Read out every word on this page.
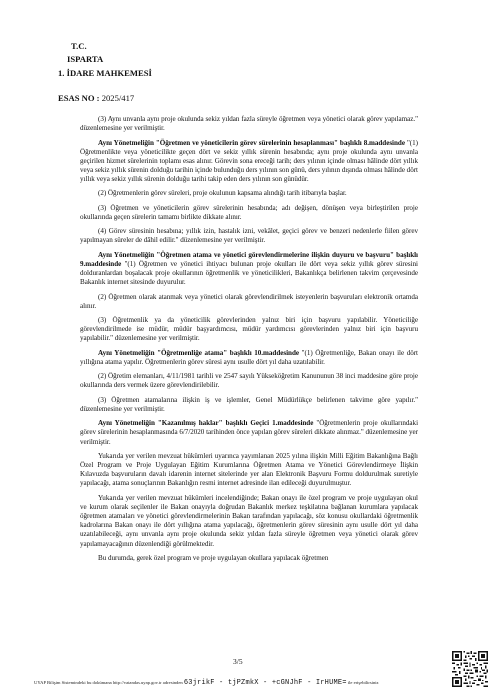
T.C.
ISPARTA
1. İDARE MAHKEMESİ
ESAS NO : 2025/417

(3) Aynı unvanla aynı proje okulunda sekiz yıldan fazla süreyle öğretmen veya yönetici olarak görev yapılamaz." düzenlemesine yer verilmiştir.

Aynı Yönetmeliğin "Öğretmen ve yöneticilerin görev sürelerinin hesaplanması" başlıklı 8.maddesinde "(1) Öğretmenlikte veya yöneticilikte geçen dört ve sekiz yıllık sürenin hesabında; aynı proje okulunda aynı unvanla geçirilen hizmet sürelerinin toplamı esas alınır. Görevin sona ereceği tarih; ders yılının içinde olması hâlinde dört yıllık veya sekiz yıllık sürenin dolduğu tarihin içinde bulunduğu ders yılının son günü, ders yılının dışında olması hâlinde dört yıllık veya sekiz yıllık sürenin dolduğu tarihi takip eden ders yılının son günüdür.

(2) Öğretmenlerin görev süreleri, proje okulunun kapsama alındığı tarih itibarıyla başlar.

(3) Öğretmen ve yöneticilerin görev sürelerinin hesabında; adı değişen, dönüşen veya birleştirilen proje okullarında geçen sürelerin tamamı birlikte dikkate alınır.

(4) Görev süresinin hesabına; yıllık izin, hastalık izni, vekâlet, geçici görev ve benzeri nedenlerle fiilen görev yapılmayan süreler de dâhil edilir." düzenlemesine yer verilmiştir.

Aynı Yönetmeliğin "Öğretmen atama ve yönetici görevlendirmelerine ilişkin duyuru ve başvuru" başlıklı 9.maddesinde "(1) Öğretmen ve yönetici ihtiyacı bulunan proje okulları ile dört veya sekiz yıllık görev süresini dolduranlardan boşalacak proje okullarının öğretmenlik ve yöneticilikleri, Bakanlıkça belirlenen takvim çerçevesinde Bakanlık internet sitesinde duyurulur.

(2) Öğretmen olarak atanmak veya yönetici olarak görevlendirilmek isteyenlerin başvuruları elektronik ortamda alınır.

(3) Öğretmenlik ya da yöneticilik görevlerinden yalnız biri için başvuru yapılabilir. Yöneticiliğe görevlendirilmede ise müdür, müdür başyardımcısı, müdür yardımcısı görevlerinden yalnız biri için başvuru yapılabilir." düzenlemesine yer verilmiştir.

Aynı Yönetmeliğin "Öğretmenliğe atama" başlıklı 10.maddesinde "(1) Öğretmenliğe, Bakan onayı ile dört yıllığına atama yapılır. Öğretmenlerin görev süresi aynı usulle dört yıl daha uzatılabilir.

(2) Öğretim elemanları, 4/11/1981 tarihli ve 2547 sayılı Yükseköğretim Kanununun 38 inci maddesine göre proje okullarında ders vermek üzere görevlendirilebilir.

(3) Öğretmen atamalarına ilişkin iş ve işlemler, Genel Müdürlükçe belirlenen takvime göre yapılır." düzenlemesine yer verilmiştir.

Aynı Yönetmeliğin "Kazanılmış haklar" başlıklı Geçici 1.maddesinde "Öğretmenlerin proje okullarındaki görev sürelerinin hesaplanmasında 6/7/2020 tarihinden önce yapılan görev süreleri dikkate alınmaz." düzenlemesine yer verilmiştir.

Yukarıda yer verilen mevzuat hükümleri uyarınca yayımlanan 2025 yılına ilişkin Milli Eğitim Bakanlığına Bağlı Özel Program ve Proje Uygulayan Eğitim Kurumlarına Öğretmen Atama ve Yönetici Görevlendirmeye İlişkin Kılavuzda başvuruların davalı idarenin internet sitelerinde yer alan Elektronik Başvuru Formu doldurulmak suretiyle yapılacağı, atama sonuçlarının Bakanlığın resmi internet adresinde ilan edileceği duyurulmuştur.

Yukarıda yer verilen mevzuat hükümleri incelendiğinde; Bakan onayı ile özel program ve proje uygulayan okul ve kurum olarak seçilenler ile Bakan onayıyla doğrudan Bakanlık merkez teşkilatına bağlanan kurumlara yapılacak öğretmen atamaları ve yönetici görevlendirmelerinin Bakan tarafından yapılacağı, söz konusu okullardaki öğretmenlik kadrolarına Bakan onayı ile dört yıllığına atama yapılacağı, öğretmenlerin görev süresinin aynı usulle dört yıl daha uzatılabileceği, aynı unvanla aynı proje okulunda sekiz yıldan fazla süreyle öğretmen veya yönetici olarak görev yapılamayacağının düzenlendiği görülmektedir.

Bu durumda, gerek özel program ve proje uygulayan okullara yapılacak öğretmen

3/5
UYAP Bilişim Sistemindeki bu dokümana http://vatandas.uyap.gov.tr adresinden 63jrikF - tjPZmkX - +cGNJhF - IrHUME= ile erişebilirsiniz
